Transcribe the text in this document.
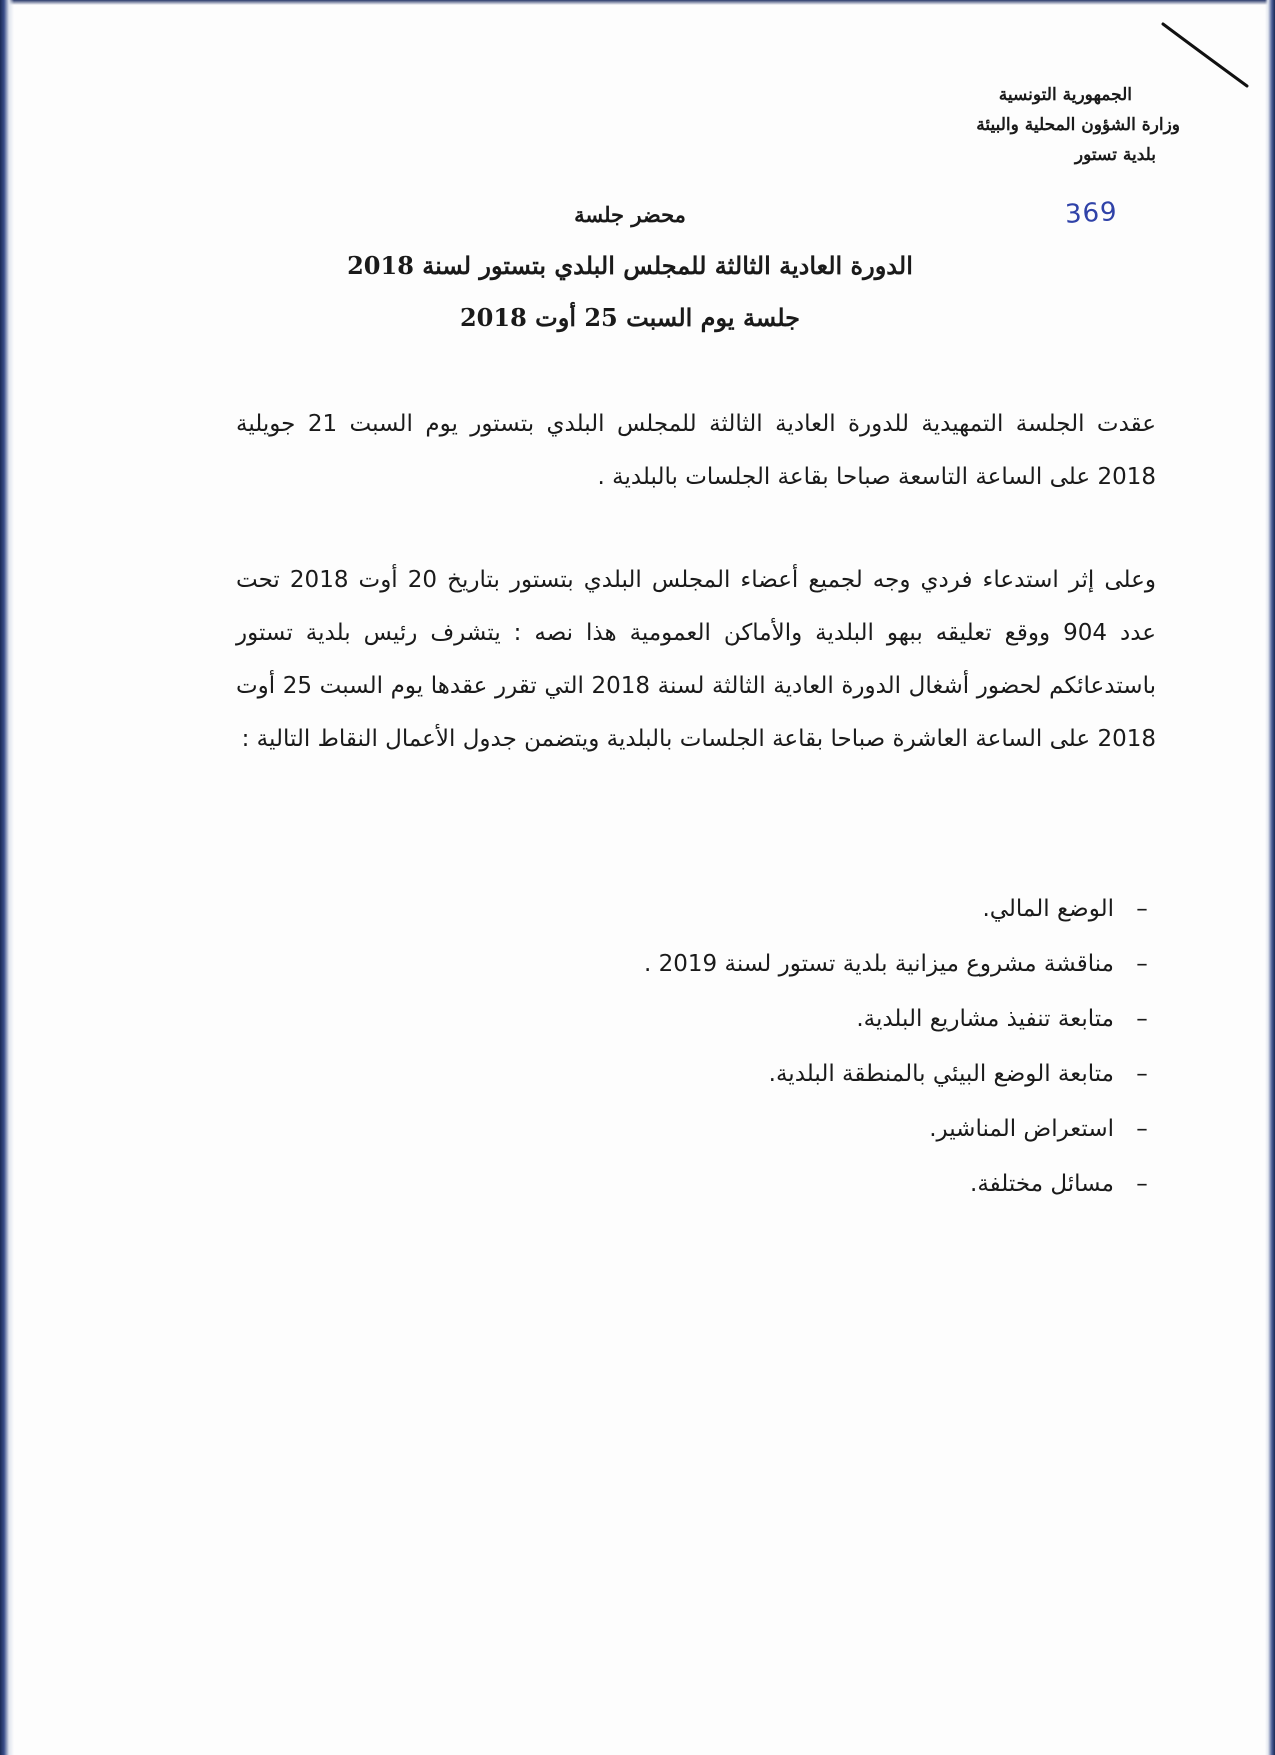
الجمهورية التونسية
وزارة الشؤون المحلية والبيئة
بلدية تستور
369
محضر جلسة
الدورة العادية الثالثة للمجلس البلدي بتستور لسنة 2018
جلسة يوم السبت 25 أوت 2018
عقدت الجلسة التمهيدية للدورة العادية الثالثة للمجلس البلدي بتستور يوم السبت 21 جويلية 2018 على الساعة التاسعة صباحا بقاعة الجلسات بالبلدية .
وعلى إثر استدعاء فردي وجه لجميع أعضاء المجلس البلدي بتستور بتاريخ 20 أوت 2018 تحت عدد 904 ووقع تعليقه ببهو البلدية والأماكن العمومية هذا نصه : يتشرف رئيس بلدية تستور باستدعائكم لحضور أشغال الدورة العادية الثالثة لسنة 2018 التي تقرر عقدها يوم السبت 25 أوت 2018 على الساعة العاشرة صباحا بقاعة الجلسات بالبلدية ويتضمن جدول الأعمال النقاط التالية :
–
الوضع المالي.
–
مناقشة مشروع ميزانية بلدية تستور لسنة 2019 .
–
متابعة تنفيذ مشاريع البلدية.
–
متابعة الوضع البيئي بالمنطقة البلدية.
–
استعراض المناشير.
–
مسائل مختلفة.
